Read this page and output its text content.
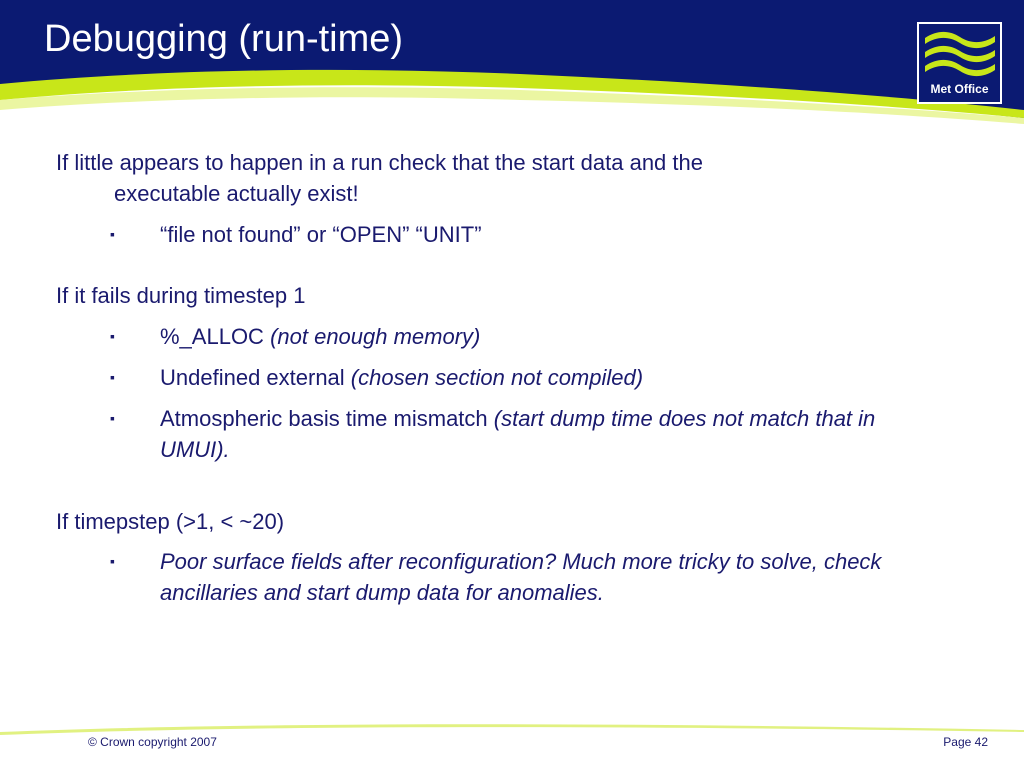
Debugging (run-time)
Met Office
If little appears to happen in a run check that the start data and the
executable actually exist!
▪ “file not found” or “OPEN” “UNIT”
If it fails during timestep 1
▪ %_ALLOC (not enough memory)
▪ Undefined external (chosen section not compiled)
▪ Atmospheric basis time mismatch (start dump time does not match that in UMUI).
If timepstep (>1, < ~20)
▪ Poor surface fields after reconfiguration? Much more tricky to solve, check ancillaries and start dump data for anomalies.
© Crown copyright 2007	Page 42
